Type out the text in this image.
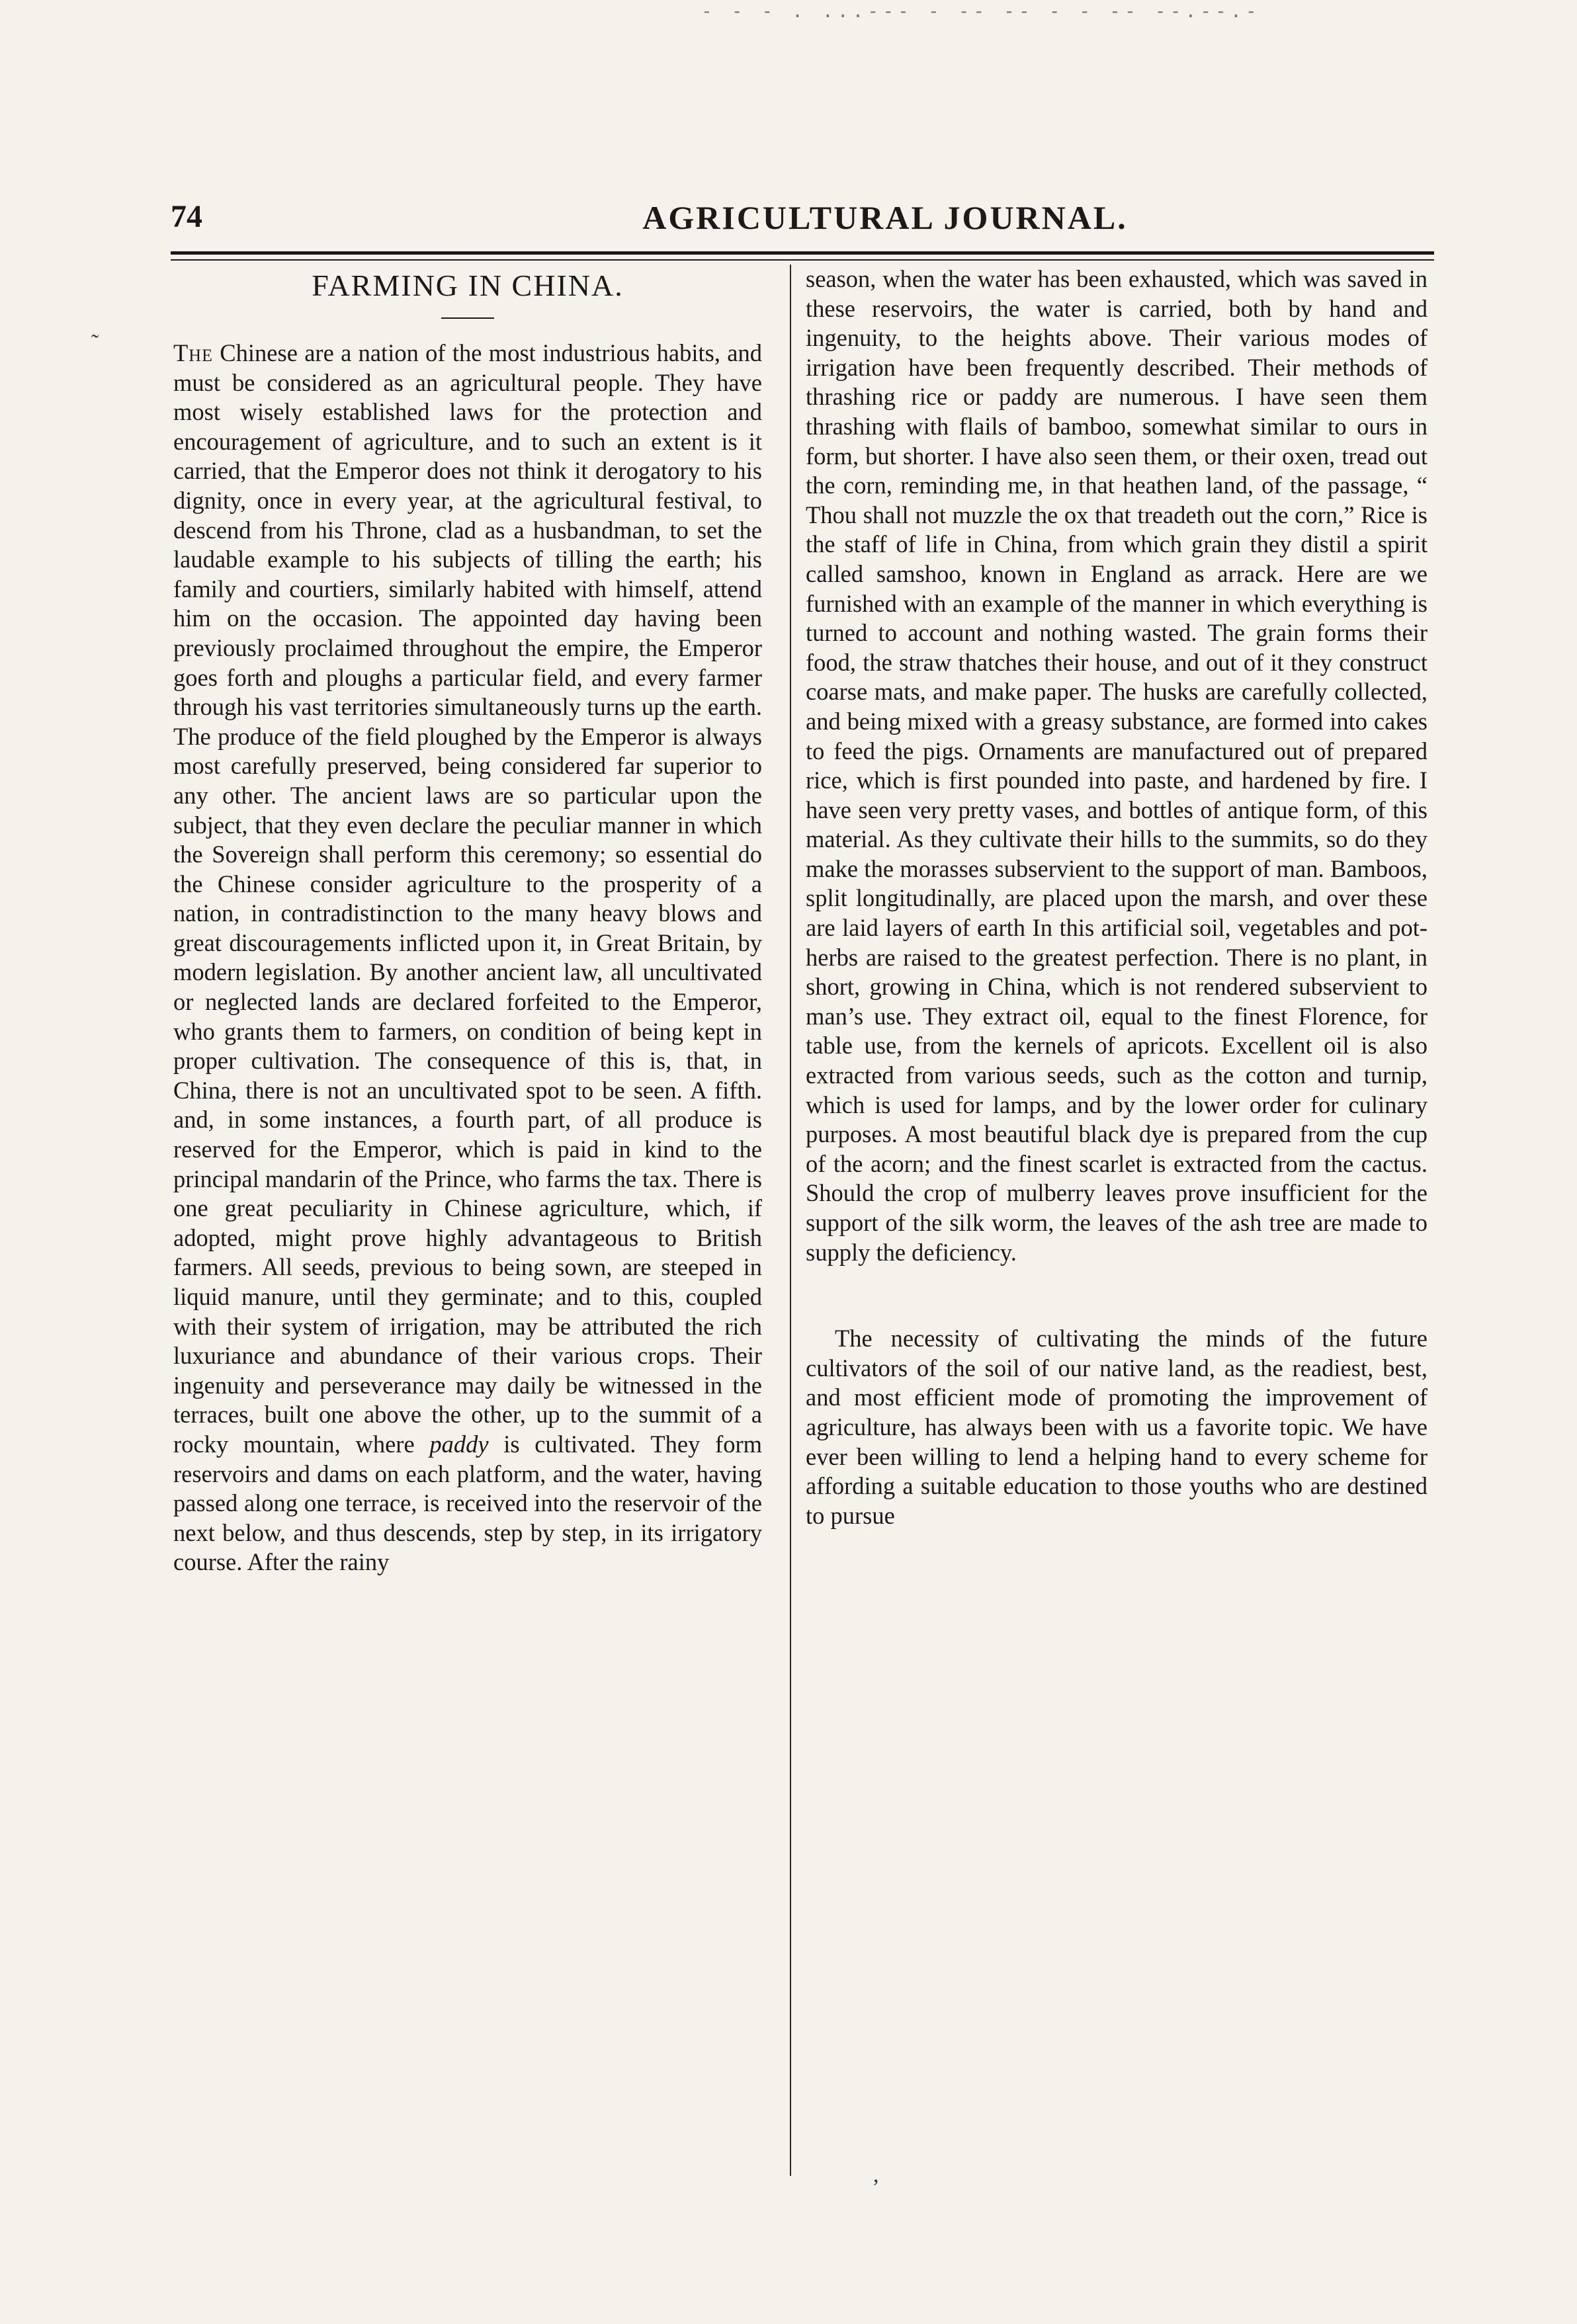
- - - . ...--- - -- -- - - -- --.--.-
74	AGRICULTURAL JOURNAL.
˜
FARMING IN CHINA.

The Chinese are a nation of the most industrious habits, and must be considered as an agricultural people. They have most wisely established laws for the protection and encouragement of agriculture, and to such an extent is it carried, that the Emperor does not think it derogatory to his dignity, once in every year, at the agricultural festival, to descend from his Throne, clad as a husbandman, to set the laudable example to his subjects of tilling the earth; his family and courtiers, similarly habited with himself, attend him on the occasion. The appointed day having been previously proclaimed throughout the empire, the Emperor goes forth and ploughs a particular field, and every farmer through his vast territories simultaneously turns up the earth. The produce of the field ploughed by the Emperor is always most carefully preserved, being considered far superior to any other. The ancient laws are so particular upon the subject, that they even declare the peculiar manner in which the Sovereign shall perform this ceremony; so essential do the Chinese consider agriculture to the prosperity of a nation, in contradistinction to the many heavy blows and great discouragements inflicted upon it, in Great Britain, by modern legislation. By another ancient law, all uncultivated or neglected lands are declared forfeited to the Emperor, who grants them to farmers, on condition of being kept in proper cultivation. The consequence of this is, that, in China, there is not an uncultivated spot to be seen. A fifth. and, in some instances, a fourth part, of all produce is reserved for the Emperor, which is paid in kind to the principal mandarin of the Prince, who farms the tax. There is one great peculiarity in Chinese agriculture, which, if adopted, might prove highly advantageous to British farmers. All seeds, previous to being sown, are steeped in liquid manure, until they germinate; and to this, coupled with their system of irrigation, may be attributed the rich luxuriance and abundance of their various crops. Their ingenuity and perseverance may daily be witnessed in the terraces, built one above the other, up to the summit of a rocky mountain, where paddy is cultivated. They form reservoirs and dams on each platform, and the water, having passed along one terrace, is received into the reservoir of the next below, and thus descends, step by step, in its irrigatory course. After the rainy

season, when the water has been exhausted, which was saved in these reservoirs, the water is carried, both by hand and ingenuity, to the heights above. Their various modes of irrigation have been frequently described. Their methods of thrashing rice or paddy are numerous. I have seen them thrashing with flails of bamboo, somewhat similar to ours in form, but shorter. I have also seen them, or their oxen, tread out the corn, reminding me, in that heathen land, of the passage, “ Thou shall not muzzle the ox that treadeth out the corn,” Rice is the staff of life in China, from which grain they distil a spirit called samshoo, known in England as arrack. Here are we furnished with an example of the manner in which everything is turned to account and nothing wasted. The grain forms their food, the straw thatches their house, and out of it they construct coarse mats, and make paper. The husks are carefully collected, and being mixed with a greasy substance, are formed into cakes to feed the pigs. Ornaments are manufactured out of prepared rice, which is first pounded into paste, and hardened by fire. I have seen very pretty vases, and bottles of antique form, of this material. As they cultivate their hills to the summits, so do they make the morasses subservient to the support of man. Bamboos, split longitudinally, are placed upon the marsh, and over these are laid layers of earth In this artificial soil, vegetables and pot-herbs are raised to the greatest perfection. There is no plant, in short, growing in China, which is not rendered subservient to man’s use. They extract oil, equal to the finest Florence, for table use, from the kernels of apricots. Excellent oil is also extracted from various seeds, such as the cotton and turnip, which is used for lamps, and by the lower order for culinary purposes. A most beautiful black dye is prepared from the cup of the acorn; and the finest scarlet is extracted from the cactus. Should the crop of mulberry leaves prove insufficient for the support of the silk worm, the leaves of the ash tree are made to supply the deficiency.

The necessity of cultivating the minds of the future cultivators of the soil of our native land, as the readiest, best, and most efficient mode of promoting the improvement of agriculture, has always been with us a favorite topic. We have ever been willing to lend a helping hand to every scheme for affording a suitable education to those youths who are destined to pursue

,
